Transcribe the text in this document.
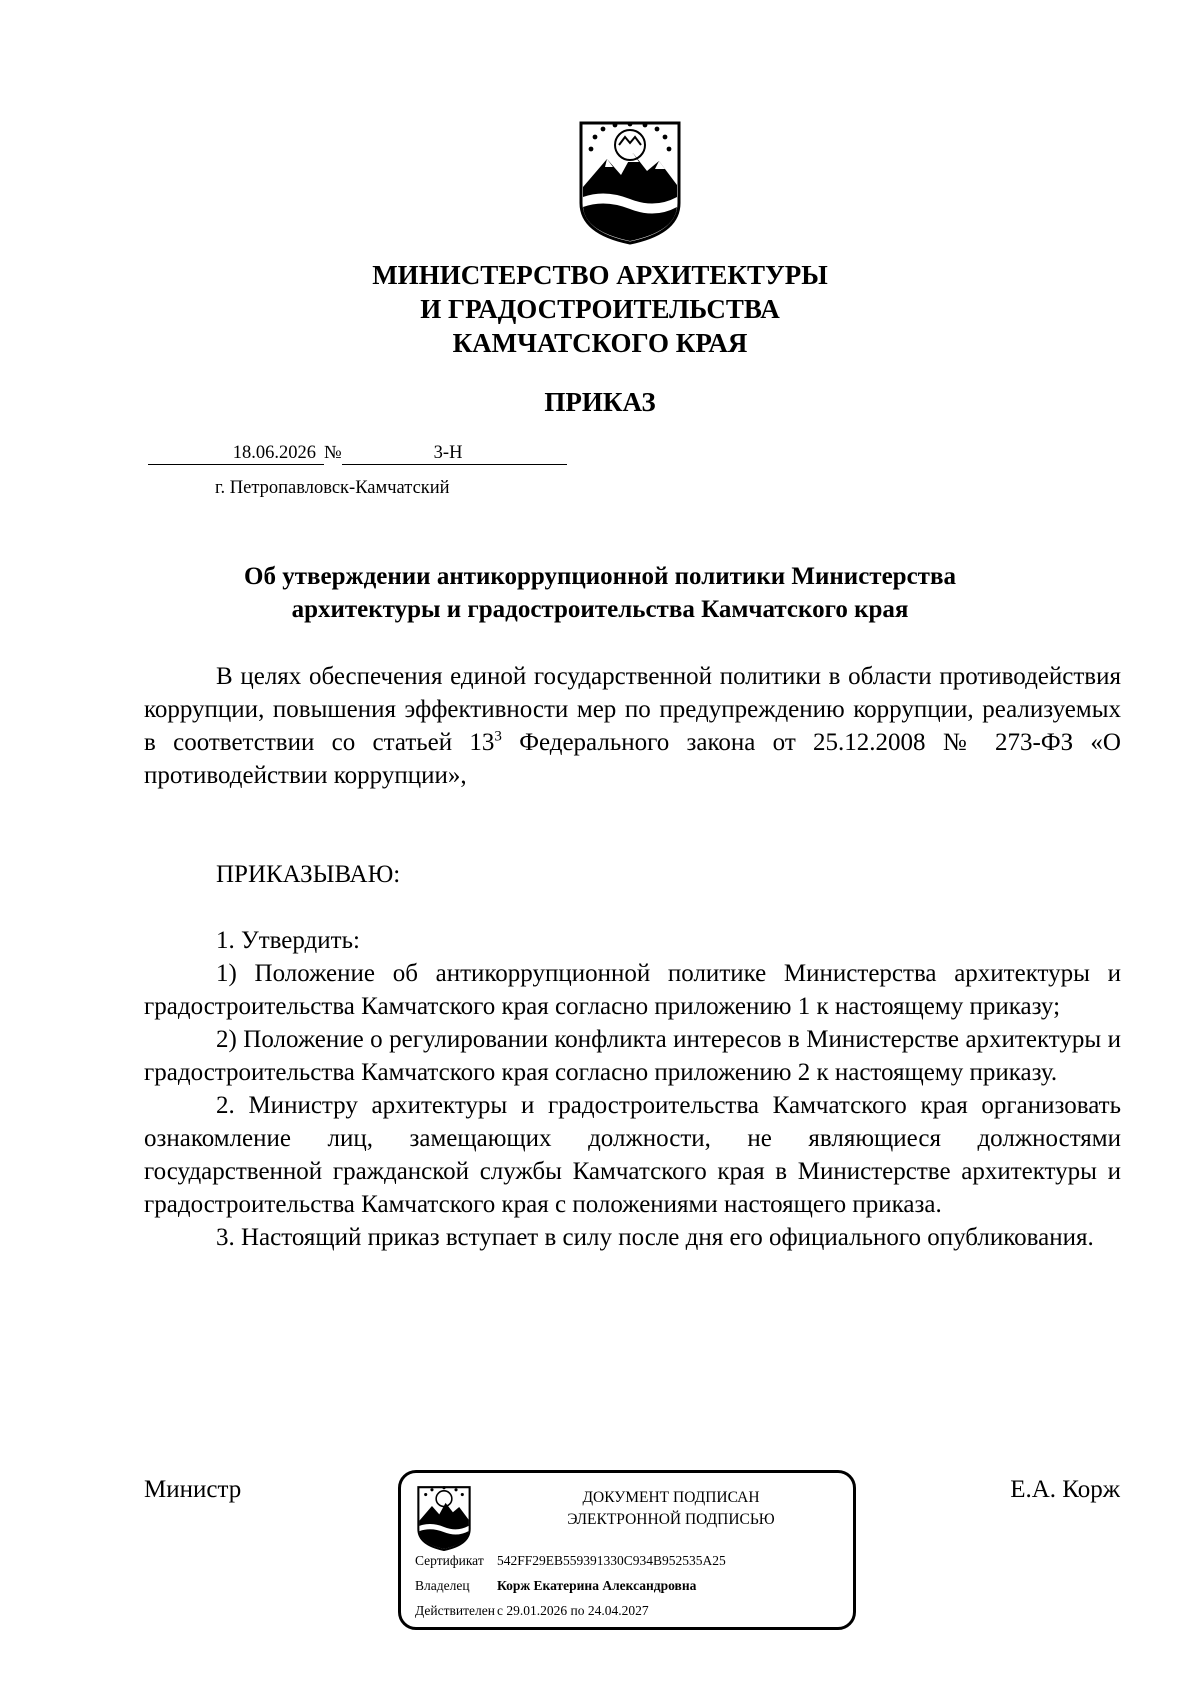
МИНИСТЕРСТВО АРХИТЕКТУРЫ
И ГРАДОСТРОИТЕЛЬСТВА
КАМЧАТСКОГО КРАЯ
ПРИКАЗ
18.06.2026 №	3-Н
г. Петропавловск-Камчатский
Об утверждении антикоррупционной политики Министерства
архитектуры и градостроительства Камчатского края

В целях обеспечения единой государственной политики в области противодействия коррупции, повышения эффективности мер по предупреждению коррупции, реализуемых в соответствии со статьей $13^3$ Федерального закона от 25.12.2008 № 273-ФЗ «О противодействии коррупции»,

ПРИКАЗЫВАЮ:

1. Утвердить:

1) Положение об антикоррупционной политике Министерства архитектуры и градостроительства Камчатского края согласно приложению 1 к настоящему приказу;

2) Положение о регулировании конфликта интересов в Министерстве архитектуры и градостроительства Камчатского края согласно приложению 2 к настоящему приказу.

2. Министру архитектуры и градостроительства Камчатского края организовать ознакомление лиц, замещающих должности, не являющиеся должностями государственной гражданской службы Камчатского края в Министерстве архитектуры и градостроительства Камчатского края с положениями настоящего приказа.

3. Настоящий приказ вступает в силу после дня его официального опубликования.

Министр	Е.А. Корж
ДОКУМЕНТ ПОДПИСАН
ЭЛЕКТРОННОЙ ПОДПИСЬЮ
Сертификат 542FF29EB559391330C934B952535A25
Владелец Корж Екатерина Александровна
Действителен с 29.01.2026 по 24.04.2027
